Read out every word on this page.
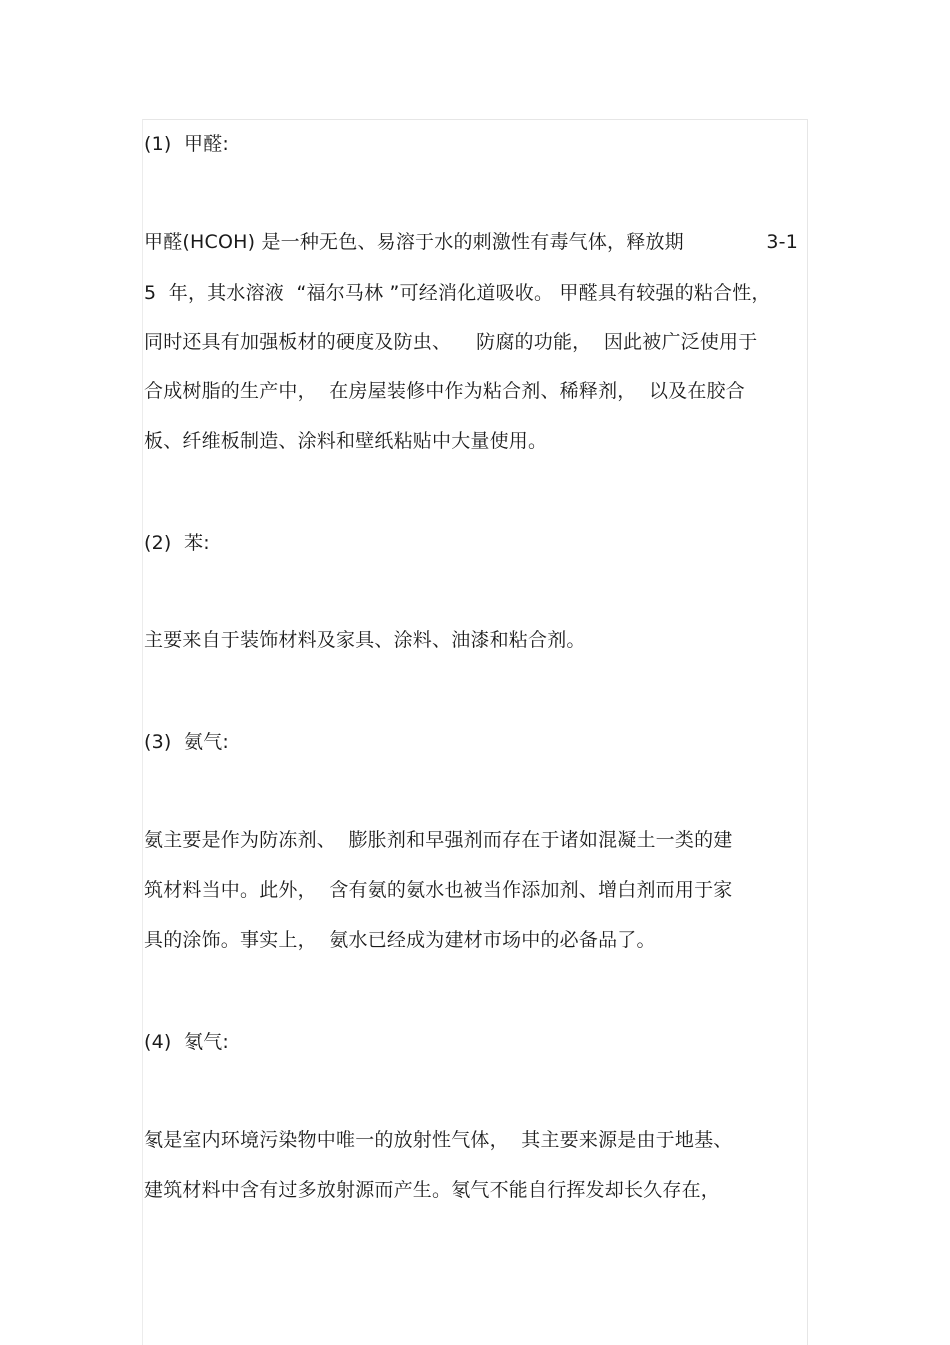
(1)  甲醛:
甲醛(HCOH) 是一种无色、易溶于水的刺激性有毒气体，释放期	3-1
5  年，其水溶液  “福尔马林 ”可经消化道吸收。 甲醛具有较强的粘合性，
同时还具有加强板材的硬度及防虫、    防腐的功能，  因此被广泛使用于
合成树脂的生产中，  在房屋装修中作为粘合剂、稀释剂，  以及在胶合
板、纤维板制造、涂料和壁纸粘贴中大量使用。
(2)  苯:
主要来自于装饰材料及家具、涂料、油漆和粘合剂。
(3)  氨气:
氨主要是作为防冻剂、  膨胀剂和早强剂而存在于诸如混凝土一类的建
筑材料当中。此外，  含有氨的氨水也被当作添加剂、增白剂而用于家
具的涂饰。事实上，  氨水已经成为建材市场中的必备品了。
(4)  氡气:
氡是室内环境污染物中唯一的放射性气体，  其主要来源是由于地基、
建筑材料中含有过多放射源而产生。氡气不能自行挥发却长久存在，
